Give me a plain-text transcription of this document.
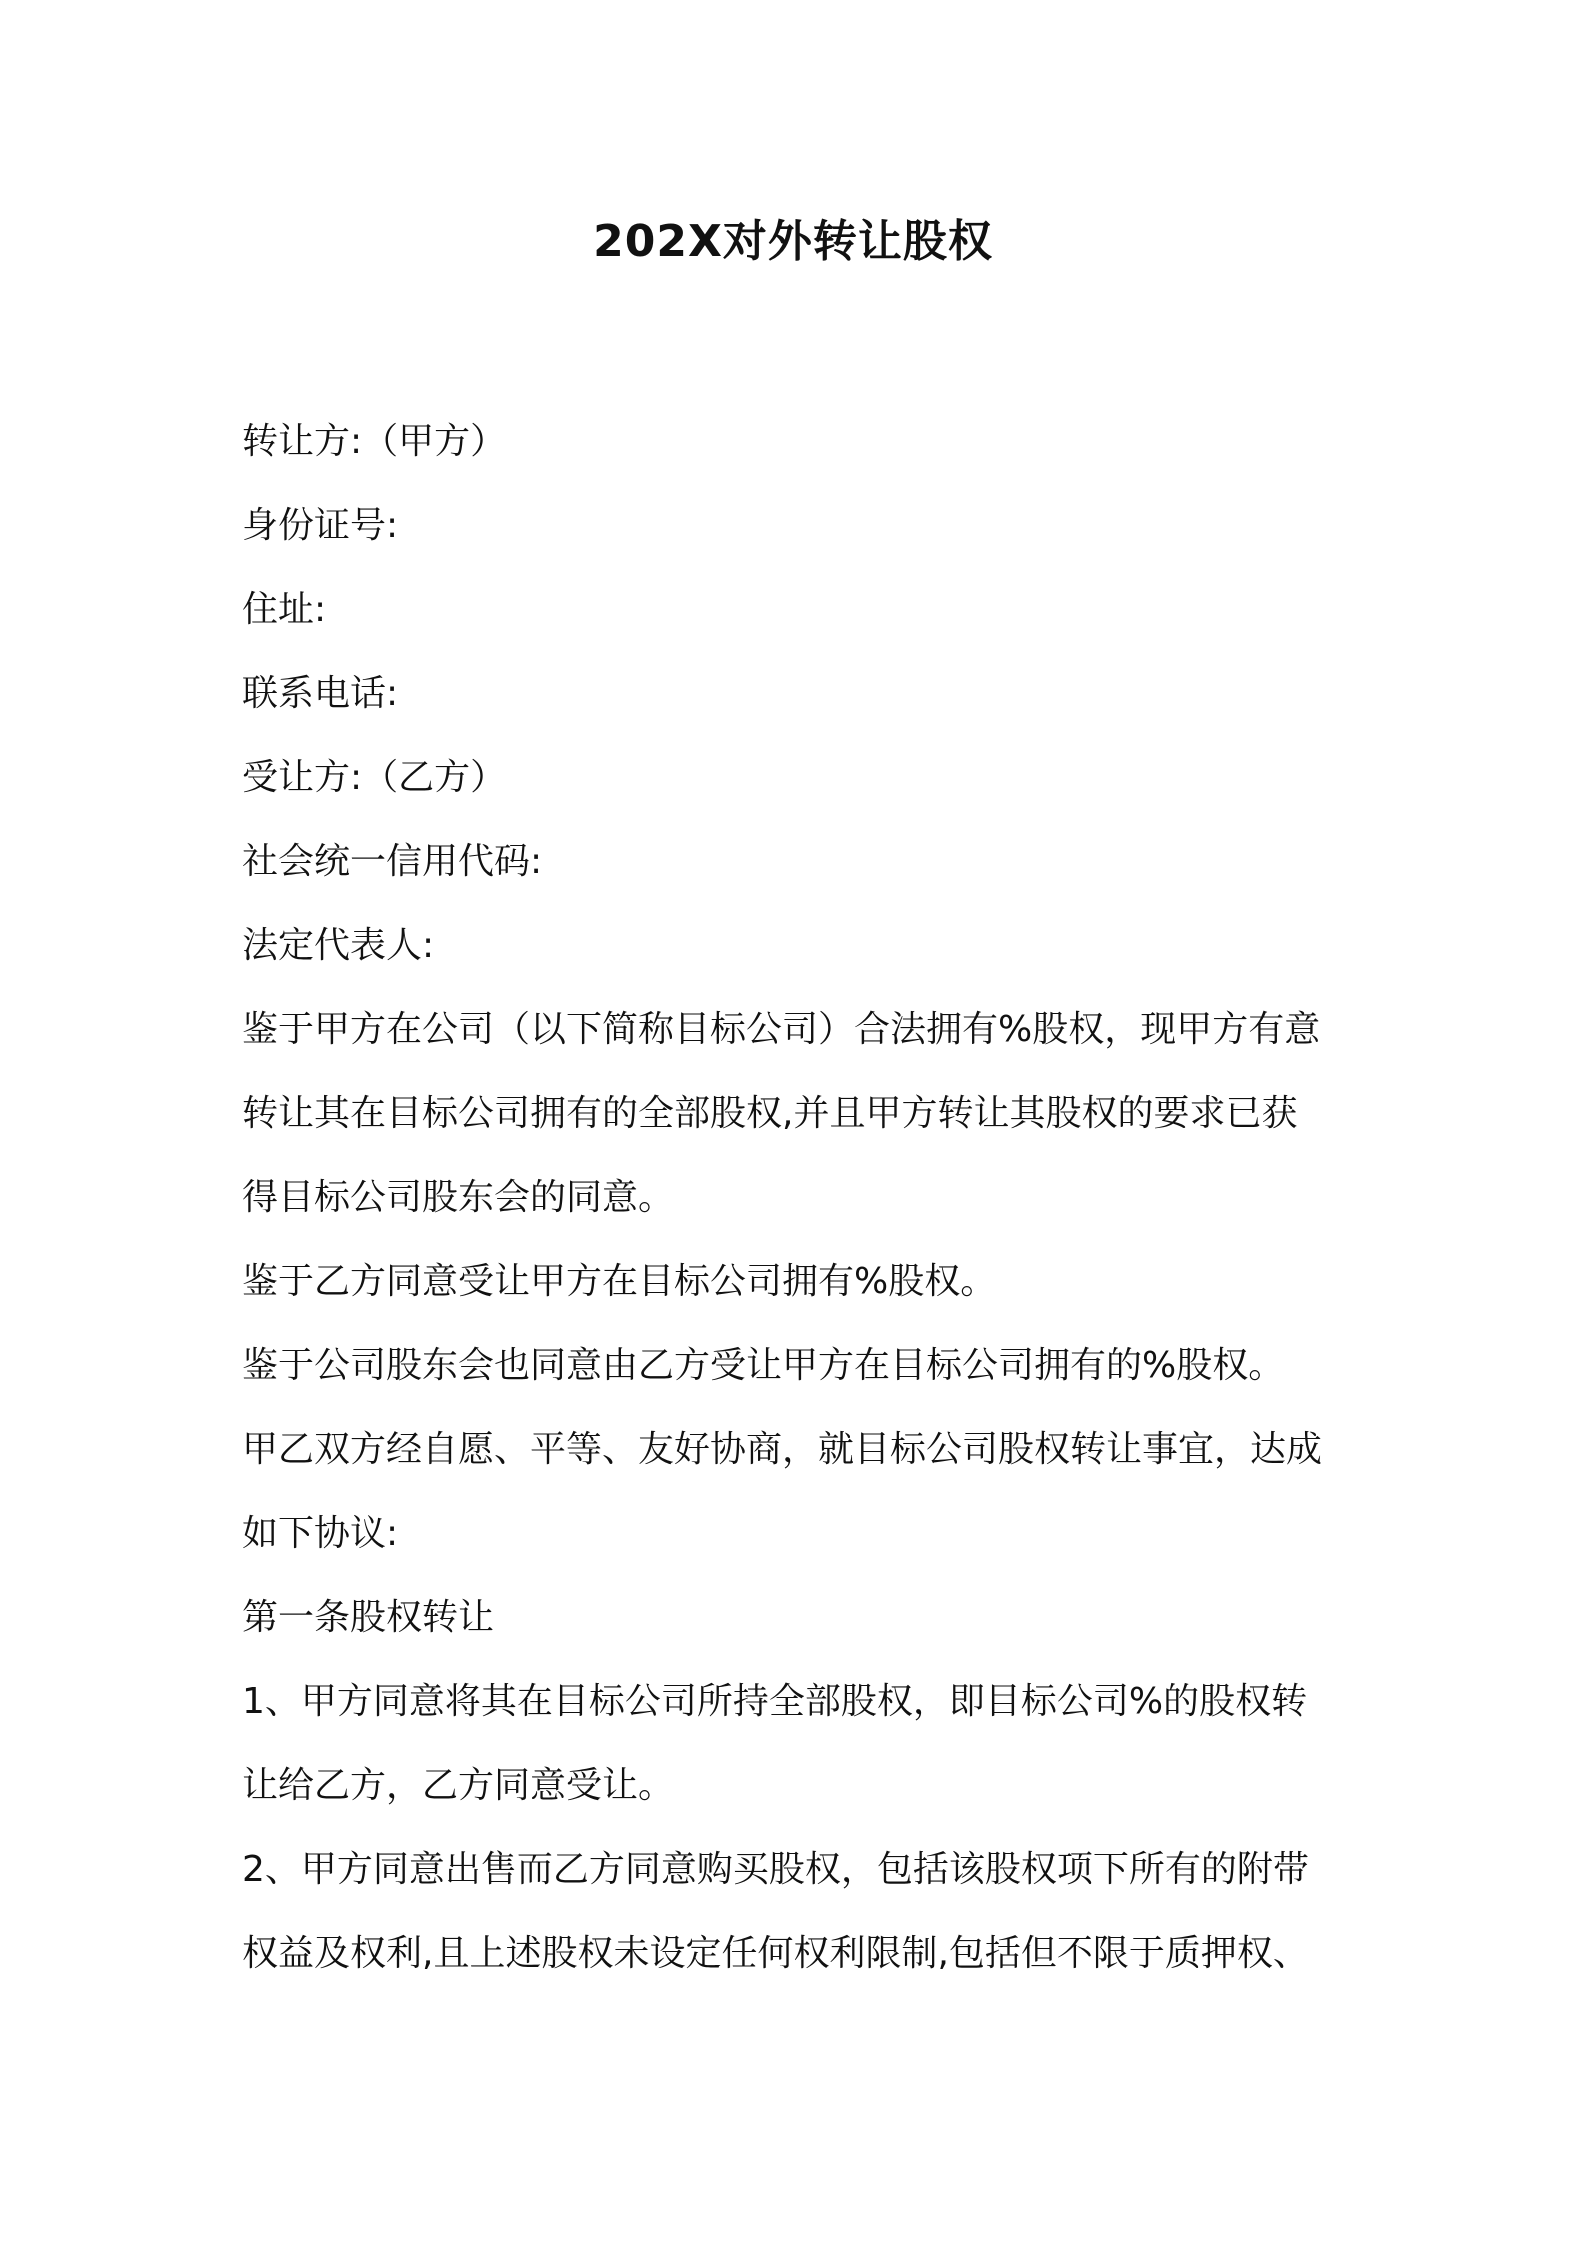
202X对外转让股权
转让方:（甲方）
身份证号:
住址:
联系电话:
受让方:（乙方）
社会统一信用代码:
法定代表人:
鉴于甲方在公司（以下简称目标公司）合法拥有%股权，现甲方有意
转让其在目标公司拥有的全部股权,并且甲方转让其股权的要求已获
得目标公司股东会的同意。
鉴于乙方同意受让甲方在目标公司拥有%股权。
鉴于公司股东会也同意由乙方受让甲方在目标公司拥有的%股权。
甲乙双方经自愿、平等、友好协商，就目标公司股权转让事宜，达成
如下协议:
第一条股权转让
1、甲方同意将其在目标公司所持全部股权，即目标公司%的股权转
让给乙方，乙方同意受让。
2、甲方同意出售而乙方同意购买股权，包括该股权项下所有的附带
权益及权利,且上述股权未设定任何权利限制,包括但不限于质押权、
